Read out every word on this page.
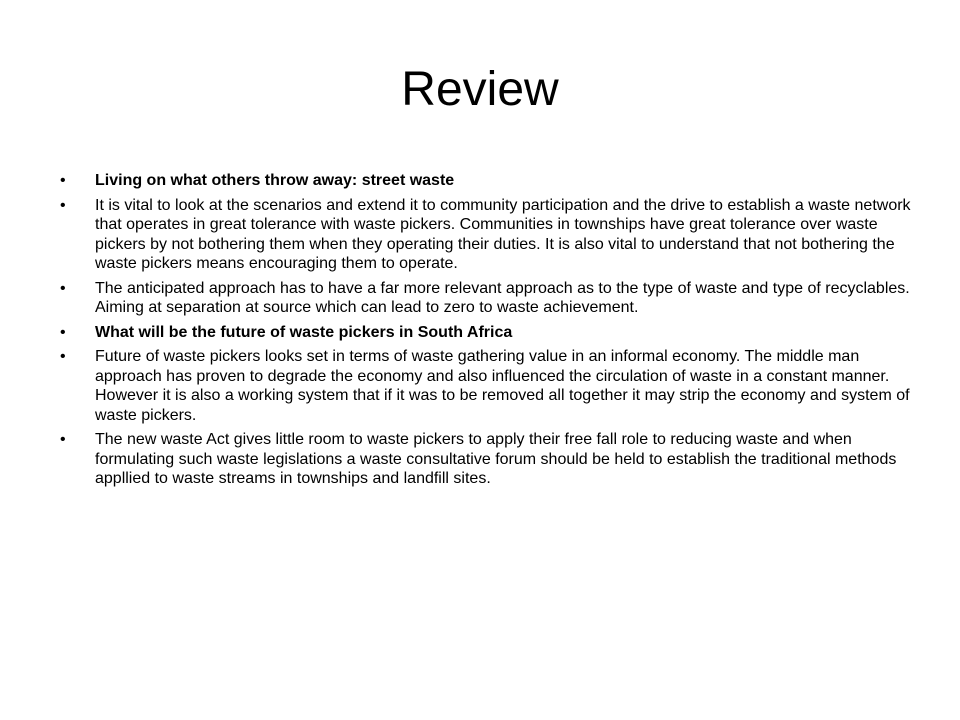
Review
•	Living on what others throw away: street waste
•	It is vital to look at the scenarios and extend it to community participation and the drive to establish a waste network that operates in great tolerance with waste pickers. Communities in townships have great tolerance over waste pickers by not bothering them when they operating their duties. It is also vital to understand that not bothering the waste pickers means encouraging them to operate.
•	The anticipated approach has to have a far more relevant approach as to the type of waste and type of recyclables. Aiming at separation at source which can lead to zero to waste achievement.
•	What will be the future of waste pickers in South Africa
•	Future of waste pickers looks set in terms of waste gathering value in an informal economy. The middle man approach has proven to degrade the economy and also influenced the circulation of waste in a constant manner. However it is also a working system that if it was to be removed all together it may strip the economy and system of waste pickers.
•	The new waste Act gives little room to waste pickers to apply their free fall role to reducing waste and when formulating such waste legislations a waste consultative forum should be held to establish the traditional methods appllied to waste streams in townships and landfill sites.
